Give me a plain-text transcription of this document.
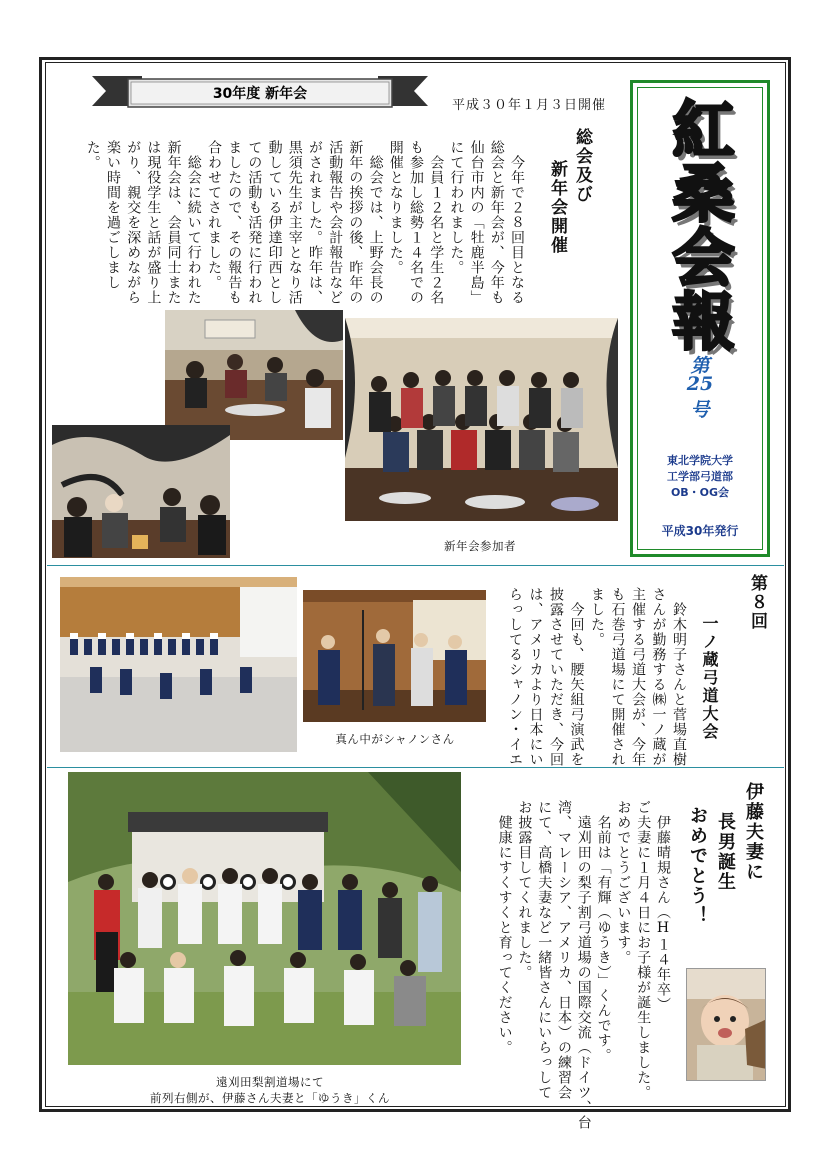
紅桑会報
第
25
号
東北学院大学
工学部弓道部
OB・OG会
平成30年発行
30年度 新年会
平成３０年１月３日開催
総会及び
新年会開催
　今年で２８回目となる
総会と新年会が、今年も
仙台市内の「牡鹿半島」
にて行われました。
　会員１２名と学生２名
も参加し総勢１４名での
開催となりました。
　総会では、上野会長の
新年の挨拶の後、昨年の
活動報告や会計報告など
がされました。昨年は、
黒須先生が主宰となり活
動している伊達印西とし
ての活動も活発に行われ
ましたので、その報告も
合わせてされました。
　総会に続いて行われた
新年会は、会員同士また
は現役学生と話が盛り上
がり、親交を深めながら
楽い時間を過ごしまし
た。
新年会参加者
第８回
一ノ蔵弓道大会
　鈴木明子さんと菅場直樹
さんが勤務する㈱一ノ蔵が
主催する弓道大会が、今年
も石巻弓道場にて開催され
ました。
　今回も、腰矢組弓演武を
披露させていただき、今回
は、アメリカより日本にい
らっしてるシャノン・イエ
真ん中がシャノンさん
伊藤夫妻に
長男誕生
おめでとう！
　伊藤晴規さん（H１４年卒）
ご夫妻に１月４日にお子様が誕生しました。
おめでとうございます。
　名前は「有輝（ゆうき）」くんです。
　遠刈田の梨子割弓道場の国際交流（ドイツ、台
湾、マレーシア、アメリカ、日本）の練習会
にて、高橋夫妻など一緒皆さんにいらっして
お披露目してくれました。
　健康にすくすくと育ってください。
遠刈田梨割道場にて
前列右側が、伊藤さん夫妻と「ゆうき」くん
